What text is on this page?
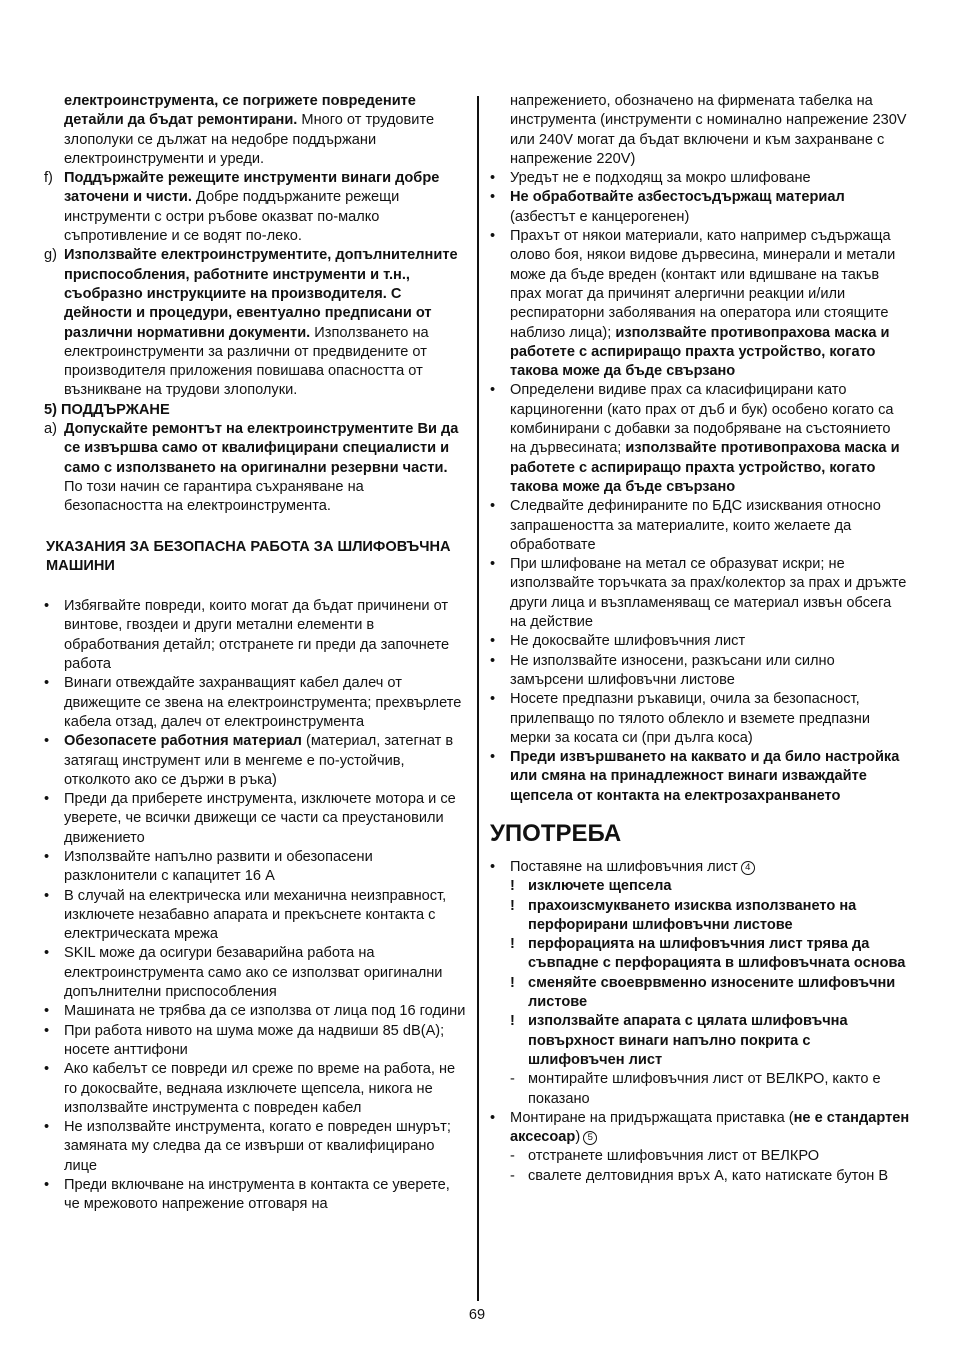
електроинструмента, се погрижете повредените детайли да бъдат ремонтирани. Много от трудовите злополуки се дължат на недобре поддържани електроинструменти и уреди.

f) Поддържайте режещите инструменти винаги добре заточени и чисти. Добре поддържаните режещи инструменти с остри ръбове оказват по-малко съпротивление и се водят по-леко.

g) Използвайте електроинструментите, допълнителните приспособления, работните инструменти и т.н., съобразно инструкциите на производителя. С дейности и процедури, евентуално предписани от различни нормативни документи. Използването на електроинструменти за различни от предвидените от производителя приложения повишава опасността от възникване на трудови злополуки.

5) ПОДДЪРЖАНЕ

a) Допускайте ремонтът на електроинструментите Ви да се извършва само от квалифицирани специалисти и само с използването на оригинални резервни части. По този начин се гарантира съхраняване на безопасността на електроинструмента.

УКАЗАНИЯ ЗА БЕЗОПАСНА РАБОТА ЗА ШЛИФОВЪЧНА МАШИНИ

• Избягвайте повреди, които могат да бъдат причинени от винтове, гвоздеи и други метални елементи в обработвания детайл; отстранете ги преди да започнете работа
• Винаги отвеждайте захранващият кабел далеч от движещите се звена на електроинструмента; прехвърлете кабела отзад, далеч от електроинструмента
• Обезопасете работния материал (материал, затегнат в затягащ инструмент или в менгеме е по-устойчив, отколкото ако се държи в ръка)
• Преди да приберете инструмента, изключете мотора и се уверете, че всички движещи се части са преустановили движението
• Използвайте напълно развити и обезопасени разклонители с капацитет 16 А
• В случай на електрическа или механична неизправност, изключете незабавно апарата и прекъснете контакта с електрическата мрежа
• SKIL може да осигури безаварийна работа на електроинструмента само ако се използват оригинални допълнителни приспособления
• Машината не трябва да се използва от лица под 16 години
• При работа нивото на шума може да надвиши 85 dB(A); носете анттифони
• Ако кабелът се повреди ил среже по време на работа, не го докосвайте, веднаяа изключете щепсела, никога не използвайте инструмента с повреден кабел
• Не използвайте инструмента, когато е повреден шнурът; замяната му следва да се извърши от квалифицирано лице
• Преди включване на инструмента в контакта се уверете, че мрежовото напрежение отговаря на
напрежението, обозначено на фирмената табелка на инструмента (инструменти с номинално напрежение 230V или 240V могат да бъдат включени и към захранване с напрежение 220V)
• Уредът не е подходящ за мокро шлифоване
• Не обработвайте азбестосъдържащ материал (азбестът е канцерогенен)
• Прахът от някои материали, като например съдържаща олово боя, някои видове дървесина, минерали и метали може да бъде вреден (контакт или вдишване на такъв прах могат да причинят алергични реакции и/или респираторни заболявания на оператора или стоящите наблизо лица); използвайте противопрахова маска и работете с аспириращо прахта устройство, когато такова може да бъде свързано
• Определени видиве прах са класифицирани като карциногенни (като прах от дъб и бук) особено когато са комбинирани с добавки за подобряване на състоянието на дървесината; използвайте противопрахова маска и работете с аспириращо прахта устройство, когато такова може да бъде свързано
• Следвайте дефинираните по БДС изисквания относно запрашеността за материалите, които желаете да обработвате
• При шлифоване на метал се образуват искри; не използвайте торъчката за прах/колектор за прах и дръжте други лица и възпламеняващ се материал извън обсега на действие
• Не докосвайте шлифовъчния лист
• Не използвайте износени, разкъсани или силно замърсени шлифовъчни листове
• Носете предпазни ръкавици, очила за безопасност, прилепващо по тялото облекло и вземете предпазни мерки за косата си (при дълга коса)
• Преди извършването на каквато и да било настройка или смяна на принадлежност винаги изваждайте щепсела от контакта на електрозахранването
УПОТРЕБА
• Поставяне на шлифовъчния лист 4
! изключете щепсела
! прахоизсмукването изисква използването на перфорирани шлифовъчни листове
! перфорацията на шлифовъчния лист трява да съвпадне с перфорацията в шлифовъчната основа
! сменяйте своеврвменно износените шлифовъчни листове
! използвайте апарата с цялата шлифовъчна повърхност винаги напълно покрита с шлифовъчен лист
- монтирайте шлифовъчния лист от ВЕЛКРО, както е показано
• Монтиране на придържащата приставка (не е стандартен аксесоар) 5
- отстранете шлифовъчния лист от ВЕЛКРО
- свалете делтовидния връх А, като натискате бутон В
69
